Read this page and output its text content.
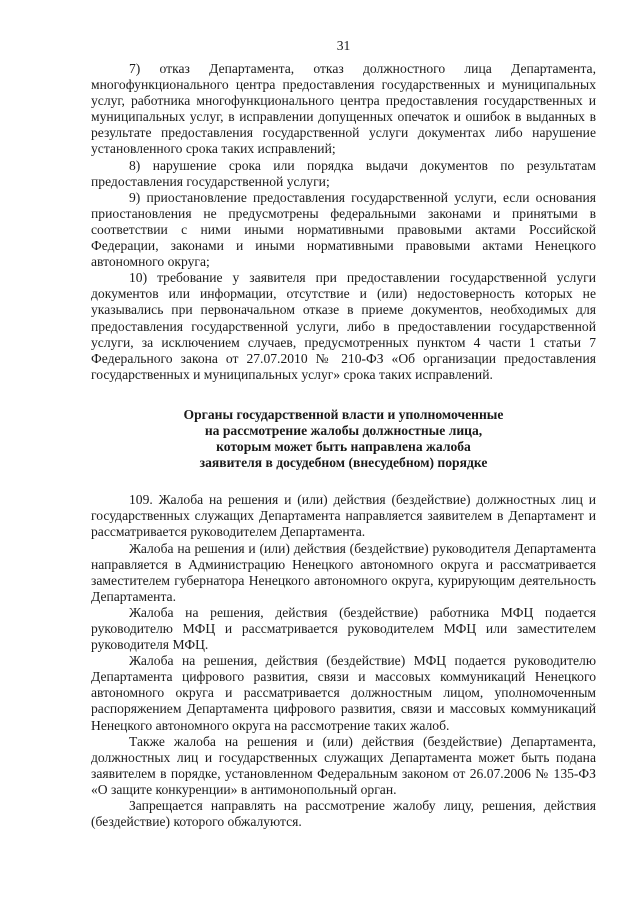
31

7) отказ Департамента, отказ должностного лица Департамента, многофункционального центра предоставления государственных и муниципальных услуг, работника многофункционального центра предоставления государственных и муниципальных услуг, в исправлении допущенных опечаток и ошибок в выданных в результате предоставления государственной услуги документах либо нарушение установленного срока таких исправлений;

8) нарушение срока или порядка выдачи документов по результатам предоставления государственной услуги;

9) приостановление предоставления государственной услуги, если основания приостановления не предусмотрены федеральными законами и принятыми в соответствии с ними иными нормативными правовыми актами Российской Федерации, законами и иными нормативными правовыми актами Ненецкого автономного округа;

10) требование у заявителя при предоставлении государственной услуги документов или информации, отсутствие и (или) недостоверность которых не указывались при первоначальном отказе в приеме документов, необходимых для предоставления государственной услуги, либо в предоставлении государственной услуги, за исключением случаев, предусмотренных пунктом 4 части 1 статьи 7 Федерального закона от 27.07.2010 № 210-ФЗ «Об организации предоставления государственных и муниципальных услуг» срока таких исправлений.

Органы государственной власти и уполномоченные
на рассмотрение жалобы должностные лица,
которым может быть направлена жалоба
заявителя в досудебном (внесудебном) порядке

109. Жалоба на решения и (или) действия (бездействие) должностных лиц и государственных служащих Департамента направляется заявителем в Департамент и рассматривается руководителем Департамента.

Жалоба на решения и (или) действия (бездействие) руководителя Департамента направляется в Администрацию Ненецкого автономного округа и рассматривается заместителем губернатора Ненецкого автономного округа, курирующим деятельность Департамента.

Жалоба на решения, действия (бездействие) работника МФЦ подается руководителю МФЦ и рассматривается руководителем МФЦ или заместителем руководителя МФЦ.

Жалоба на решения, действия (бездействие) МФЦ подается руководителю Департамента цифрового развития, связи и массовых коммуникаций Ненецкого автономного округа и рассматривается должностным лицом, уполномоченным распоряжением Департамента цифрового развития, связи и массовых коммуникаций Ненецкого автономного округа на рассмотрение таких жалоб.

Также жалоба на решения и (или) действия (бездействие) Департамента, должностных лиц и государственных служащих Департамента может быть подана заявителем в порядке, установленном Федеральным законом от 26.07.2006 № 135-ФЗ «О защите конкуренции» в антимонопольный орган.

Запрещается направлять на рассмотрение жалобу лицу, решения, действия (бездействие) которого обжалуются.
